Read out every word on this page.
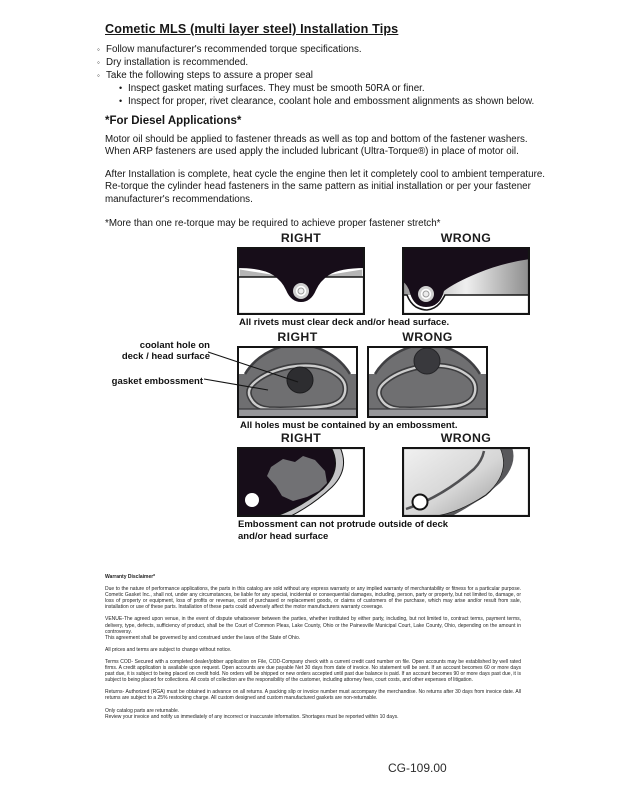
Cometic MLS (multi layer steel) Installation Tips
◦ Follow manufacturer's recommended torque specifications.
◦ Dry installation is recommended.
◦ Take the following steps to assure a proper seal
• Inspect gasket mating surfaces. They must be smooth 50RA or finer.
• Inspect for proper, rivet clearance, coolant hole and embossment alignments as shown below.
*For Diesel Applications*

Motor oil should be applied to fastener threads as well as top and bottom of the fastener washers. When ARP fasteners are used apply the included lubricant (Ultra-Torque®) in place of motor oil.

After Installation is complete, heat cycle the engine then let it completely cool to ambient temperature. Re-torque the cylinder head fasteners in the same pattern as initial installation or per your fastener manufacturer's recommendations.

*More than one re-torque may be required to achieve proper fastener stretch*

RIGHT	WRONG
All rivets must clear deck and/or head surface.
coolant hole on
deck / head surface
gasket embossment
RIGHT	WRONG
All holes must be contained by an embossment.
RIGHT	WRONG
Embossment can not protrude outside of deck
and/or head surface
Warranty Disclaimer*

Due to the nature of performance applications, the parts in this catalog are sold without any express warranty or any implied warranty of merchantability or fitness for a particular purpose. Cometic Gasket Inc., shall not, under any circumstances, be liable for any special, incidental or consequential damages, including, person, party or property, but not limited to, damage, or loss of property or equipment, loss of profits or revenue, cost of purchased or replacement goods, or claims of customers of the purchase, which may arise and/or result from sale, installation or use of these parts. Installation of these parts could adversely affect the motor manufacturers warranty coverage.

VENUE-The agreed upon venue, in the event of dispute whatsoever between the parties, whether instituted by either party, including, but not limited to, contract terms, payment terms, delivery, type, defects, sufficiency of product, shall be the Court of Common Pleas, Lake County, Ohio or the Painesville Municipal Court, Lake County, Ohio, depending on the amount in controversy.

This agreement shall be governed by and construed under the laws of the State of Ohio.

All prices and terms are subject to change without notice.

Terms COD- Secured with a completed dealer/jobber application on File, COD-Company check with a current credit card number on file. Open accounts may be established by well rated firms. A credit application is available upon request. Open accounts are due payable Net 30 days from date of invoice. No statement will be sent. If an account becomes 60 or more days past due, it is subject to being placed on credit hold. No orders will be shipped or new orders accepted until past due balance is paid. If an account becomes 90 or more days past due, it is subject to being placed for collections. All costs of collection are the responsibility of the customer, including attorney fees, court costs, and other expenses of litigation.

Returns- Authorized (RGA) must be obtained in advance on all returns. A packing slip or invoice number must accompany the merchandise. No returns after 30 days from invoice date. All returns are subject to a 25% restocking charge. All custom designed and custom manufactured gaskets are non-returnable.

Only catalog parts are returnable.

Review your invoice and notify us immediately of any incorrect or inaccurate information. Shortages must be reported within 10 days.

CG-109.00
